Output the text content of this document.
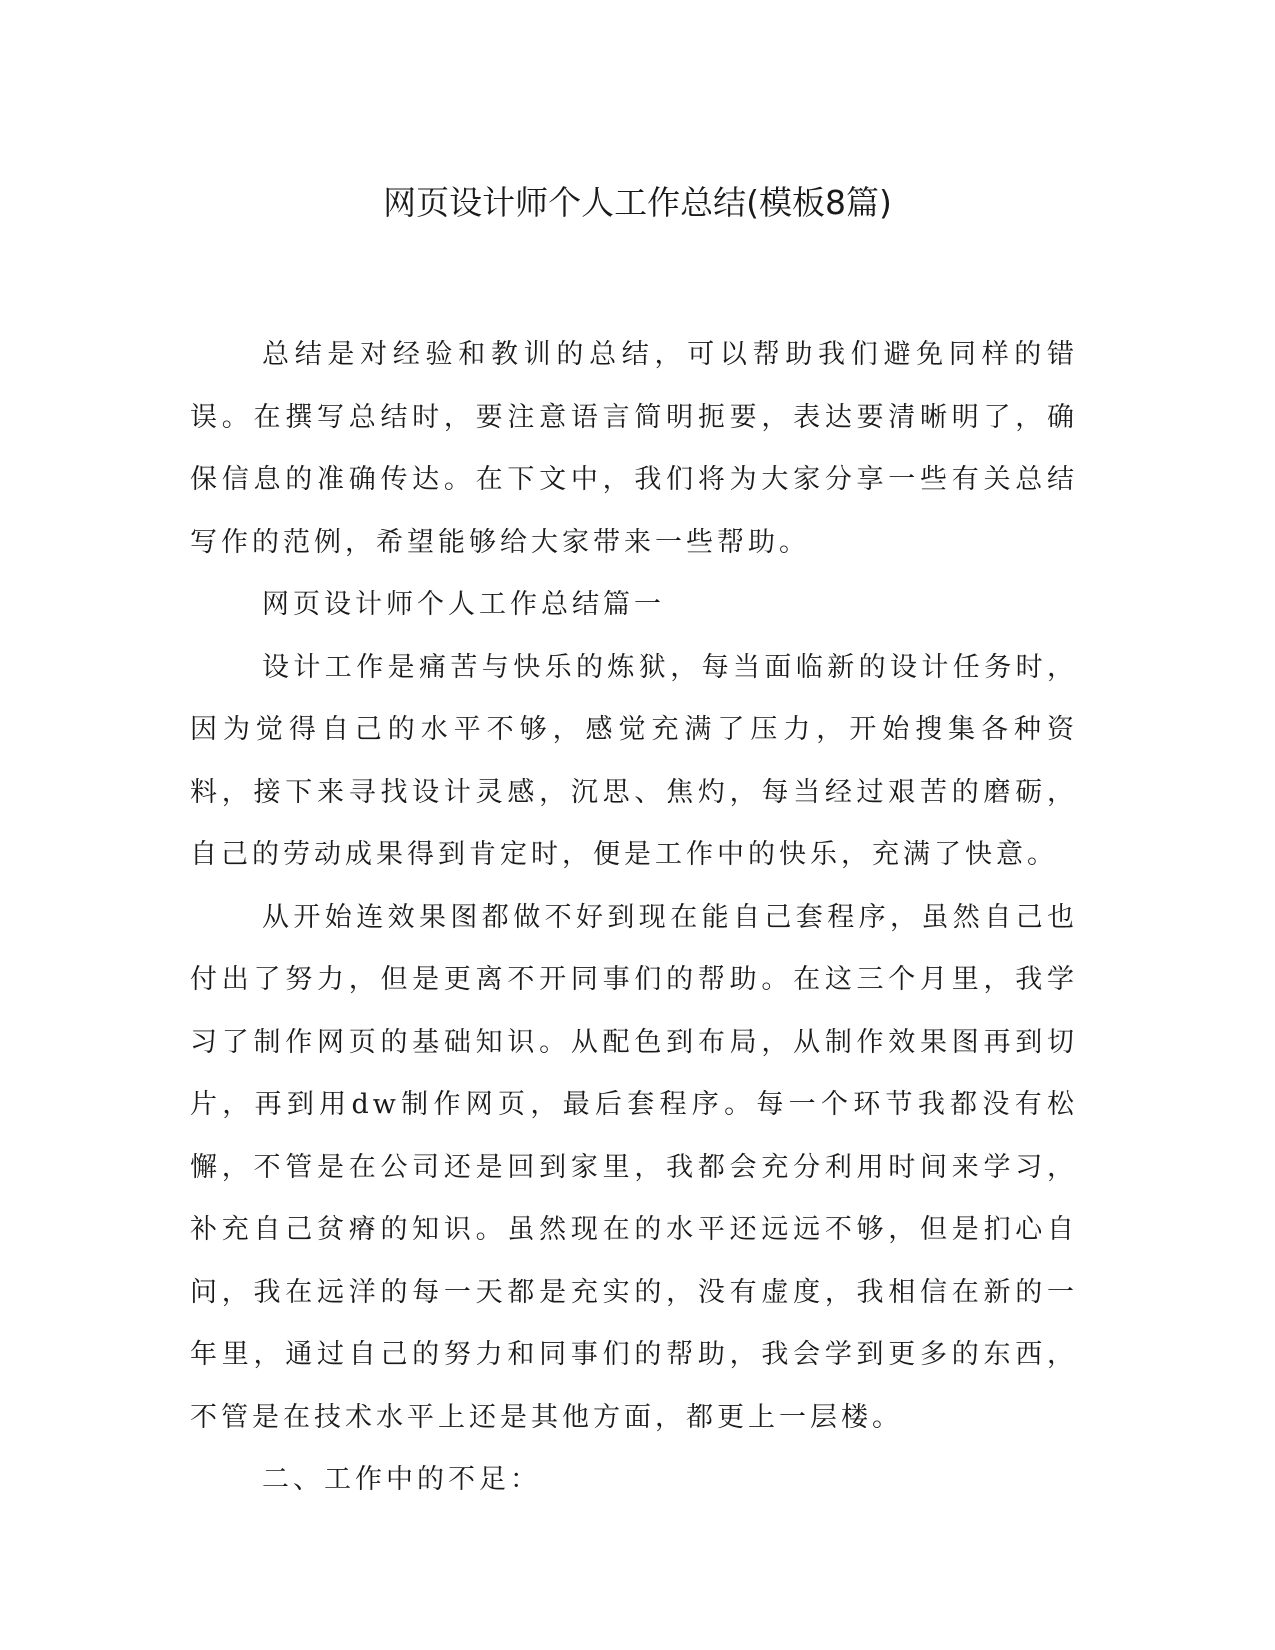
网页设计师个人工作总结(模板8篇)

总结是对经验和教训的总结，可以帮助我们避免同样的错误。在撰写总结时，要注意语言简明扼要，表达要清晰明了，确保信息的准确传达。在下文中，我们将为大家分享一些有关总结写作的范例，希望能够给大家带来一些帮助。

网页设计师个人工作总结篇一

设计工作是痛苦与快乐的炼狱，每当面临新的设计任务时，因为觉得自己的水平不够，感觉充满了压力，开始搜集各种资料，接下来寻找设计灵感，沉思、焦灼，每当经过艰苦的磨砺，自己的劳动成果得到肯定时，便是工作中的快乐，充满了快意。

从开始连效果图都做不好到现在能自己套程序，虽然自己也付出了努力，但是更离不开同事们的帮助。在这三个月里，我学习了制作网页的基础知识。从配色到布局，从制作效果图再到切片，再到用dw制作网页，最后套程序。每一个环节我都没有松懈，不管是在公司还是回到家里，我都会充分利用时间来学习，补充自己贫瘠的知识。虽然现在的水平还远远不够，但是扪心自问，我在远洋的每一天都是充实的，没有虚度，我相信在新的一年里，通过自己的努力和同事们的帮助，我会学到更多的东西，不管是在技术水平上还是其他方面，都更上一层楼。

二、工作中的不足：
